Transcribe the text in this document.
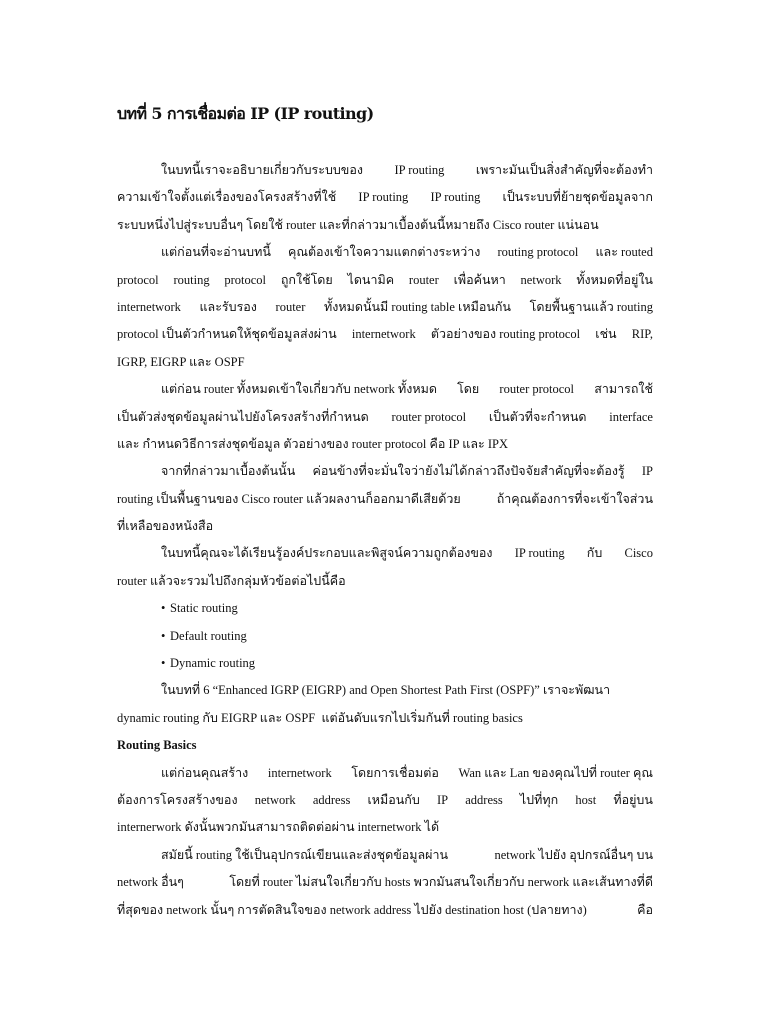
บทที่ 5 การเชื่อมต่อ IP (IP routing)
ในบทนี้เราจะอธิบายเกี่ยวกับระบบของ	IP routing	เพราะมันเป็นสิ่งสำคัญที่จะต้องทำ
ความเข้าใจตั้งแต่เรื่องของโครงสร้างที่ใช้ IP routing IP routing เป็นระบบที่ย้ายชุดข้อมูลจาก
ระบบหนึ่งไปสู่ระบบอื่นๆ โดยใช้ router และที่กล่าวมาเบื้องต้นนี้หมายถึง Cisco router แน่นอน
แต่ก่อนที่จะอ่านบทนี้ คุณต้องเข้าใจความแตกต่างระหว่าง routing protocol และ routed
protocol routing protocol ถูกใช้โดย ไดนามิค router เพื่อค้นหา network ทั้งหมดที่อยู่ใน
internetwork และรับรอง router ทั้งหมดนั้นมี routing table เหมือนกัน โดยพื้นฐานแล้ว routing
protocol เป็นตัวกำหนดให้ชุดข้อมูลส่งผ่าน internetwork ตัวอย่างของ routing protocol เช่น RIP,
IGRP, EIGRP และ OSPF
แต่ก่อน router ทั้งหมดเข้าใจเกี่ยวกับ network ทั้งหมด โดย router protocol สามารถใช้
เป็นตัวส่งชุดข้อมูลผ่านไปยังโครงสร้างที่กำหนด router protocol เป็นตัวที่จะกำหนด interface
และ กำหนดวิธีการส่งชุดข้อมูล ตัวอย่างของ router protocol คือ IP และ IPX
จากที่กล่าวมาเบื้องต้นนั้น ค่อนข้างที่จะมั่นใจว่ายังไม่ได้กล่าวถึงปัจจัยสำคัญที่จะต้องรู้ IP
routing เป็นพื้นฐานของ Cisco router แล้วผลงานก็ออกมาดีเสียด้วย	ถ้าคุณต้องการที่จะเข้าใจส่วน
ที่เหลือของหนังสือ
ในบทนี้คุณจะได้เรียนรู้องค์ประกอบและพิสูจน์ความถูกต้องของ IP routing กับ Cisco
router แล้วจะรวมไปถึงกลุ่มหัวข้อต่อไปนี้คือ
• Static routing
• Default routing
• Dynamic routing
ในบทที่ 6 “Enhanced IGRP (EIGRP) and Open Shortest Path First (OSPF)” เราจะพัฒนา
dynamic routing กับ EIGRP และ OSPF
แต่อันดับแรกไปเริ่มกันที่ routing basics
Routing Basics
แต่ก่อนคุณสร้าง internetwork โดยการเชื่อมต่อ Wan และ Lan ของคุณไปที่ router คุณ
ต้องการโครงสร้างของ network address เหมือนกับ IP address ไปที่ทุก host ที่อยู่บน
internerwork ดังนั้นพวกมันสามารถติดต่อผ่าน internetwork ได้
สมัยนี้ routing ใช้เป็นอุปกรณ์เขียนและส่งชุดข้อมูลผ่าน	network ไปยัง อุปกรณ์อื่นๆ บน
network อื่นๆ	โดยที่ router ไม่สนใจเกี่ยวกับ hosts พวกมันสนใจเกี่ยวกับ nerwork และเส้นทางที่ดี
ที่สุดของ network นั้นๆ การตัดสินใจของ network address ไปยัง destination host (ปลายทาง)	คือ
